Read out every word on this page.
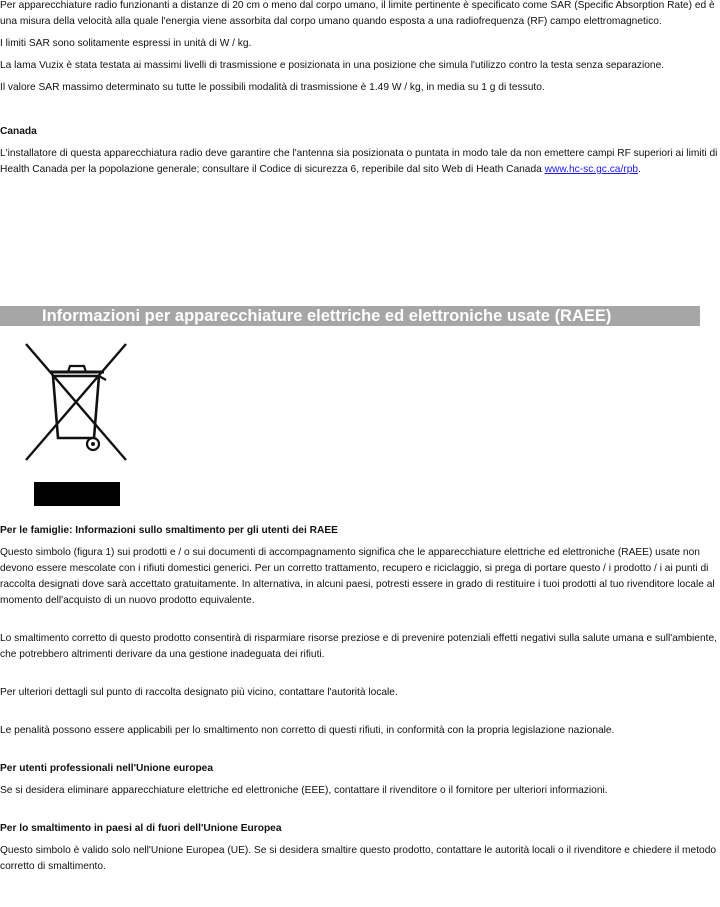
Per apparecchiature radio funzionanti a distanze di 20 cm o meno dal corpo umano, il limite pertinente è specificato come SAR (Specific Absorption Rate) ed è una misura della velocità alla quale l'energia viene assorbita dal corpo umano quando esposta a una radiofrequenza (RF) campo elettromagnetico.

I limiti SAR sono solitamente espressi in unità di W / kg.

La lama Vuzix è stata testata ai massimi livelli di trasmissione e posizionata in una posizione che simula l'utilizzo contro la testa senza separazione.

Il valore SAR massimo determinato su tutte le possibili modalità di trasmissione è 1.49 W / kg, in media su 1 g di tessuto.

Canada

L'installatore di questa apparecchiatura radio deve garantire che l'antenna sia posizionata o puntata in modo tale da non emettere campi RF superiori ai limiti di Health Canada per la popolazione generale; consultare il Codice di sicurezza 6, reperibile dal sito Web di Heath Canada www.hc-sc.gc.ca/rpb.

Informazioni per apparecchiature elettriche ed elettroniche usate (RAEE)

Per le famiglie: Informazioni sullo smaltimento per gli utenti dei RAEE

Questo simbolo (figura 1) sui prodotti e / o sui documenti di accompagnamento significa che le apparecchiature elettriche ed elettroniche (RAEE) usate non devono essere mescolate con i rifiuti domestici generici. Per un corretto trattamento, recupero e riciclaggio, si prega di portare questo / i prodotto / i ai punti di raccolta designati dove sarà accettato gratuitamente. In alternativa, in alcuni paesi, potresti essere in grado di restituire i tuoi prodotti al tuo rivenditore locale al momento dell'acquisto di un nuovo prodotto equivalente.

Lo smaltimento corretto di questo prodotto consentirà di risparmiare risorse preziose e di prevenire potenziali effetti negativi sulla salute umana e sull'ambiente, che potrebbero altrimenti derivare da una gestione inadeguata dei rifiuti.

Per ulteriori dettagli sul punto di raccolta designato più vicino, contattare l'autorità locale.

Le penalità possono essere applicabili per lo smaltimento non corretto di questi rifiuti, in conformità con la propria legislazione nazionale.

Per utenti professionali nell'Unione europea

Se si desidera eliminare apparecchiature elettriche ed elettroniche (EEE), contattare il rivenditore o il fornitore per ulteriori informazioni.

Per lo smaltimento in paesi al di fuori dell'Unione Europea

Questo simbolo è valido solo nell'Unione Europea (UE). Se si desidera smaltire questo prodotto, contattare le autorità locali o il rivenditore e chiedere il metodo corretto di smaltimento.
